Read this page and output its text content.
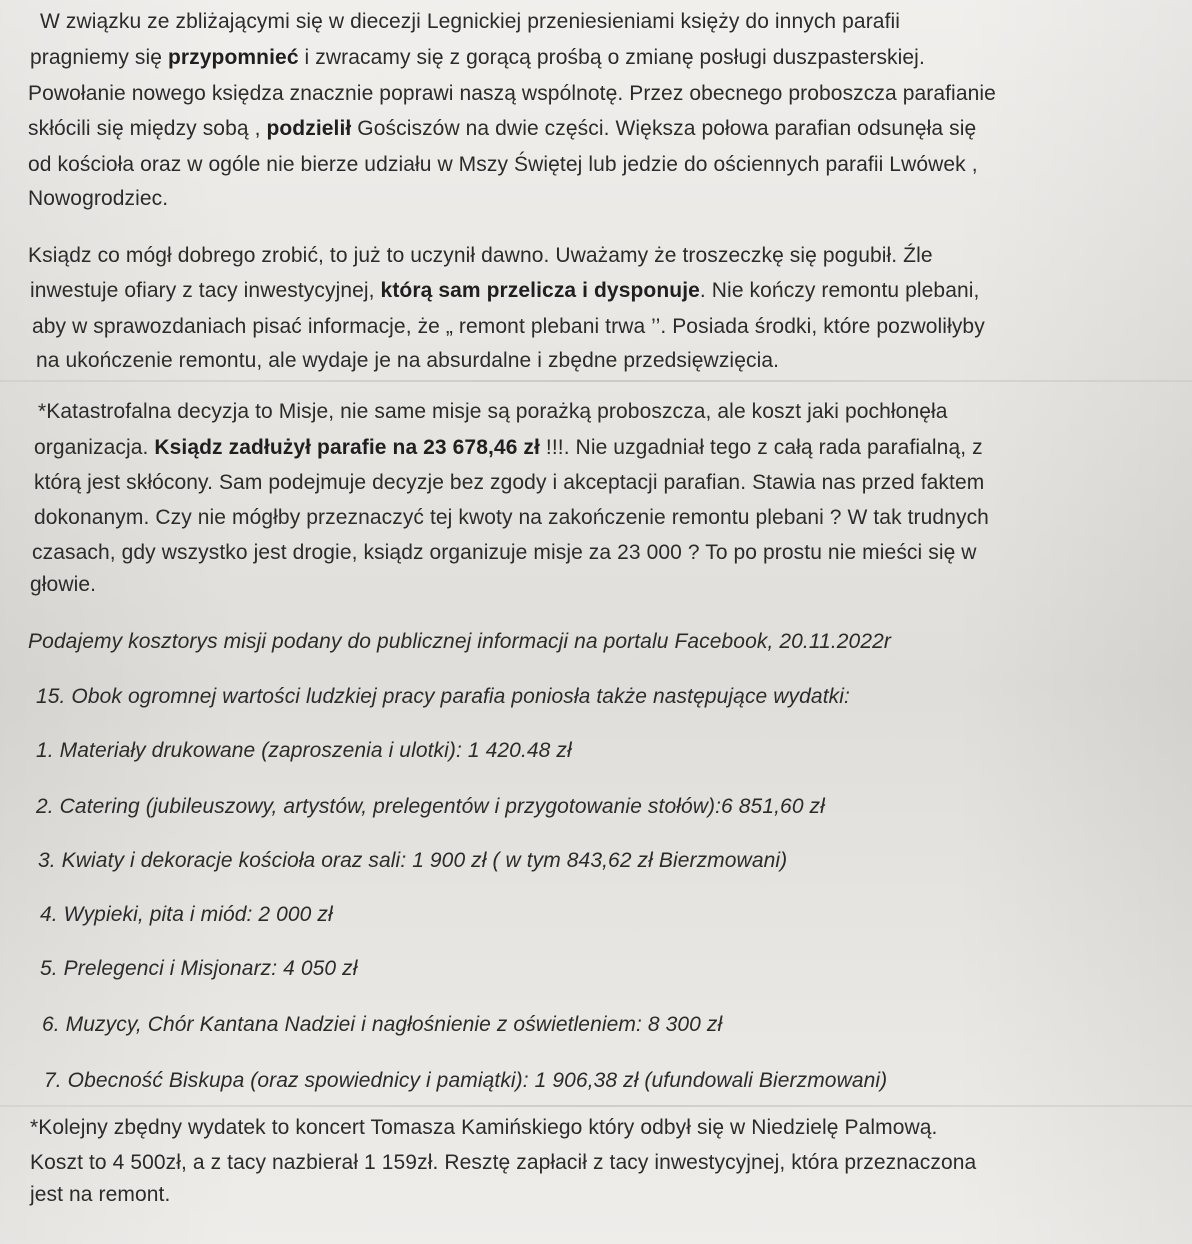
W związku ze zbliżającymi się w diecezji Legnickiej przeniesieniami księży do innych parafii
pragniemy się przypomnieć i zwracamy się z gorącą prośbą o zmianę posługi duszpasterskiej.
Powołanie nowego księdza znacznie poprawi naszą wspólnotę. Przez obecnego proboszcza parafianie
skłócili się między sobą , podzielił Gościszów na dwie części. Większa połowa parafian odsunęła się
od kościoła oraz w ogóle nie bierze udziału w Mszy Świętej lub jedzie do ościennych parafii Lwówek ,
Nowogrodziec.
Ksiądz co mógł dobrego zrobić, to już to uczynił dawno. Uważamy że troszeczkę się pogubił. Źle
inwestuje ofiary z tacy inwestycyjnej, którą sam przelicza i dysponuje. Nie kończy remontu plebani,
aby w sprawozdaniach pisać informacje, że „ remont plebani trwa ’’. Posiada środki, które pozwoliłyby
na ukończenie remontu, ale wydaje je na absurdalne i zbędne przedsięwzięcia.
*Katastrofalna decyzja to Misje, nie same misje są porażką proboszcza, ale koszt jaki pochłonęła
organizacja. Ksiądz zadłużył parafie na 23 678,46 zł !!!. Nie uzgadniał tego z całą rada parafialną, z
którą jest skłócony. Sam podejmuje decyzje bez zgody i akceptacji parafian. Stawia nas przed faktem
dokonanym. Czy nie mógłby przeznaczyć tej kwoty na zakończenie remontu plebani ? W tak trudnych
czasach, gdy wszystko jest drogie, ksiądz organizuje misje za 23 000 ? To po prostu nie mieści się w
głowie.
Podajemy kosztorys misji podany do publicznej informacji na portalu Facebook, 20.11.2022r
15. Obok ogromnej wartości ludzkiej pracy parafia poniosła także następujące wydatki:
1. Materiały drukowane (zaproszenia i ulotki): 1 420.48 zł
2. Catering (jubileuszowy, artystów, prelegentów i przygotowanie stołów):6 851,60 zł
3. Kwiaty i dekoracje kościoła oraz sali: 1 900 zł ( w tym 843,62 zł Bierzmowani)
4. Wypieki, pita i miód: 2 000 zł
5. Prelegenci i Misjonarz: 4 050 zł
6. Muzycy, Chór Kantana Nadziei i nagłośnienie z oświetleniem: 8 300 zł
7. Obecność Biskupa (oraz spowiednicy i pamiątki): 1 906,38 zł (ufundowali Bierzmowani)
*Kolejny zbędny wydatek to koncert Tomasza Kamińskiego który odbył się w Niedzielę Palmową.
Koszt to 4 500zł, a z tacy nazbierał 1 159zł. Resztę zapłacił z tacy inwestycyjnej, która przeznaczona
jest na remont.
